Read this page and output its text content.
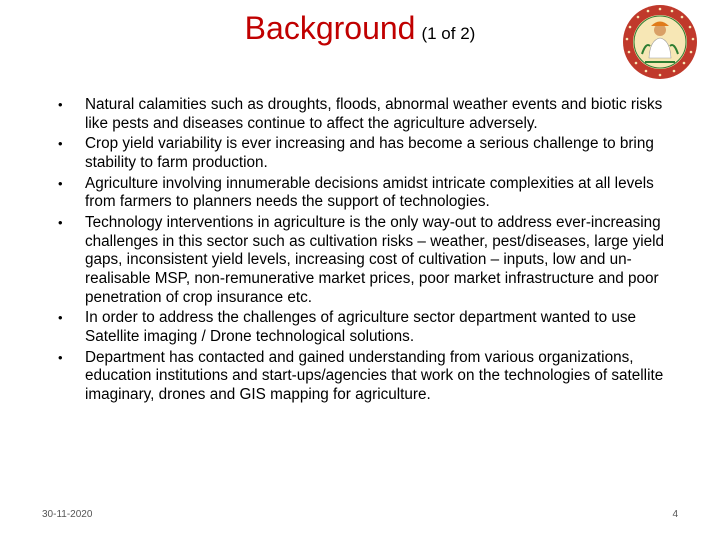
Background (1 of 2)
• Natural calamities such as droughts, floods, abnormal weather events and biotic risks like pests and diseases continue to affect the agriculture adversely.
• Crop yield variability is ever increasing and has become a serious challenge to bring stability to farm production.
• Agriculture involving innumerable decisions amidst intricate complexities at all levels from farmers to planners needs the support of technologies.
• Technology interventions in agriculture is the only way-out to address ever-increasing challenges in this sector such as cultivation risks – weather, pest/diseases, large yield gaps, inconsistent yield levels, increasing cost of cultivation – inputs, low and un-realisable MSP, non-remunerative market prices, poor market infrastructure and poor penetration of crop insurance etc.
• In order to address the challenges of agriculture sector department wanted to use Satellite imaging / Drone technological solutions.
• Department has contacted and gained understanding from various organizations, education institutions and start-ups/agencies that work on the technologies of satellite imaginary, drones and GIS mapping for agriculture.
30-11-2020	4
